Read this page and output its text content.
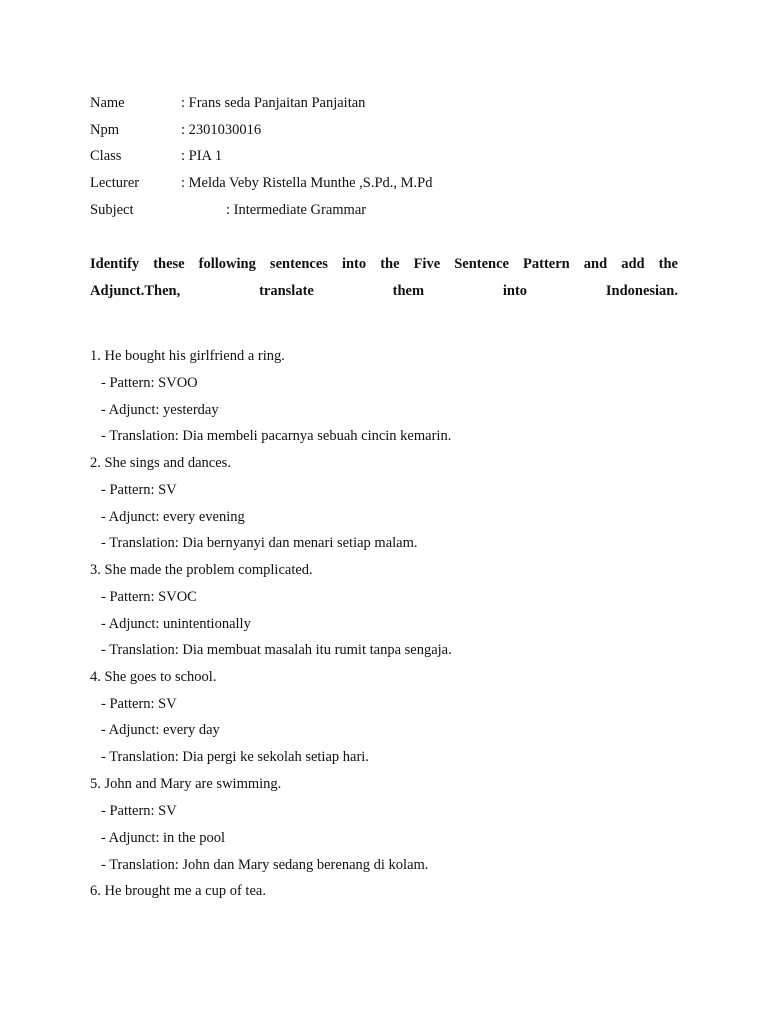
Name	: Frans seda Panjaitan Panjaitan
Npm	: 2301030016
Class	: PIA 1
Lecturer	: Melda Veby Ristella Munthe ,S.Pd., M.Pd
Subject	: Intermediate Grammar
Identify these following sentences into the Five Sentence Pattern and add the
Adjunct.Then,	translate	them	into	Indonesian.
1. He bought his girlfriend a ring.
- Pattern: SVOO
- Adjunct: yesterday
- Translation: Dia membeli pacarnya sebuah cincin kemarin.
2. She sings and dances.
- Pattern: SV
- Adjunct: every evening
- Translation: Dia bernyanyi dan menari setiap malam.
3. She made the problem complicated.
- Pattern: SVOC
- Adjunct: unintentionally
- Translation: Dia membuat masalah itu rumit tanpa sengaja.
4. She goes to school.
- Pattern: SV
- Adjunct: every day
- Translation: Dia pergi ke sekolah setiap hari.
5. John and Mary are swimming.
- Pattern: SV
- Adjunct: in the pool
- Translation: John dan Mary sedang berenang di kolam.
6. He brought me a cup of tea.
